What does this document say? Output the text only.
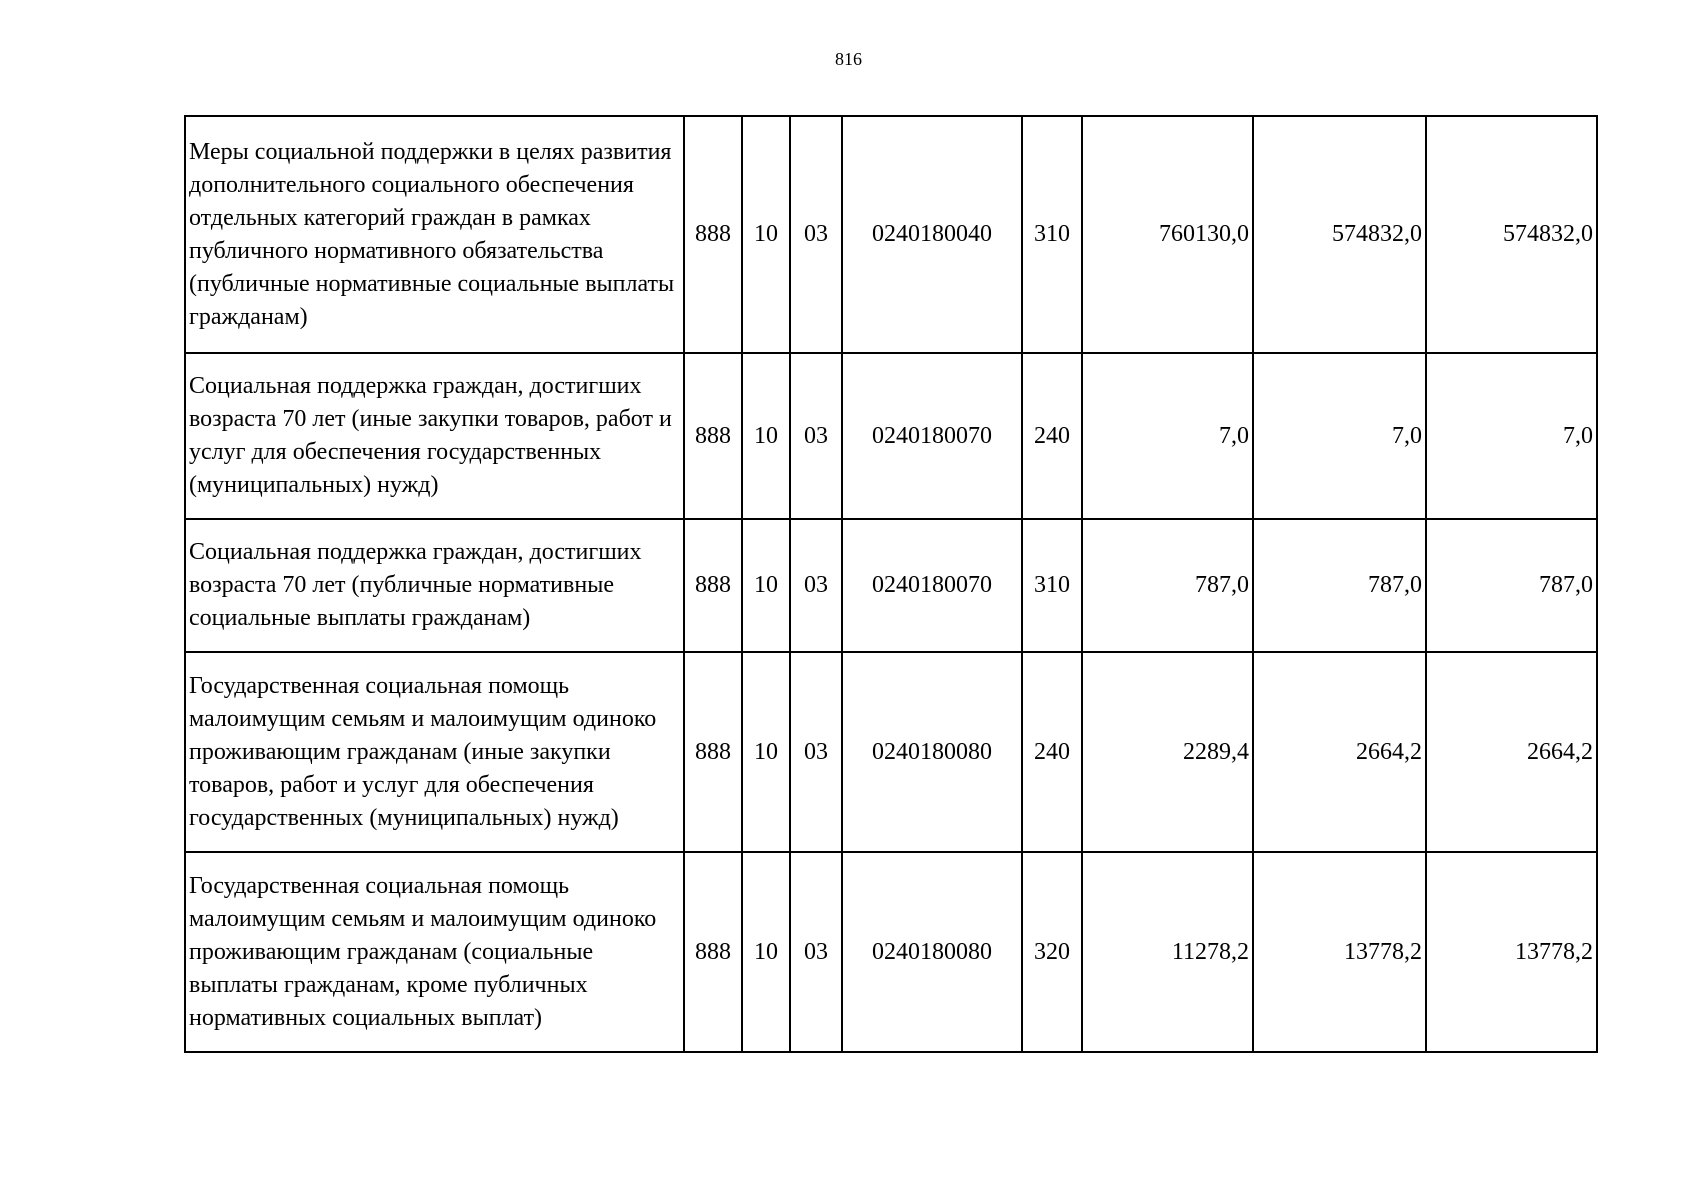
816
Меры социальной поддержки в целях развития дополнительного социального обеспечения отдельных категорий граждан в рамках публичного нормативного обязательства (публичные нормативные социальные выплаты гражданам)	888	10	03	0240180040	310	760130,0	574832,0	574832,0
Социальная поддержка граждан, достигших возраста 70 лет (иные закупки товаров, работ и услуг для обеспечения государственных (муниципальных) нужд)	888	10	03	0240180070	240	7,0	7,0	7,0
Социальная поддержка граждан, достигших возраста 70 лет (публичные нормативные социальные выплаты гражданам)	888	10	03	0240180070	310	787,0	787,0	787,0
Государственная социальная помощь малоимущим семьям и малоимущим одиноко проживающим гражданам (иные закупки товаров, работ и услуг для обеспечения государственных (муниципальных) нужд)	888	10	03	0240180080	240	2289,4	2664,2	2664,2
Государственная социальная помощь малоимущим семьям и малоимущим одиноко проживающим гражданам (социальные выплаты гражданам, кроме публичных нормативных социальных выплат)	888	10	03	0240180080	320	11278,2	13778,2	13778,2
